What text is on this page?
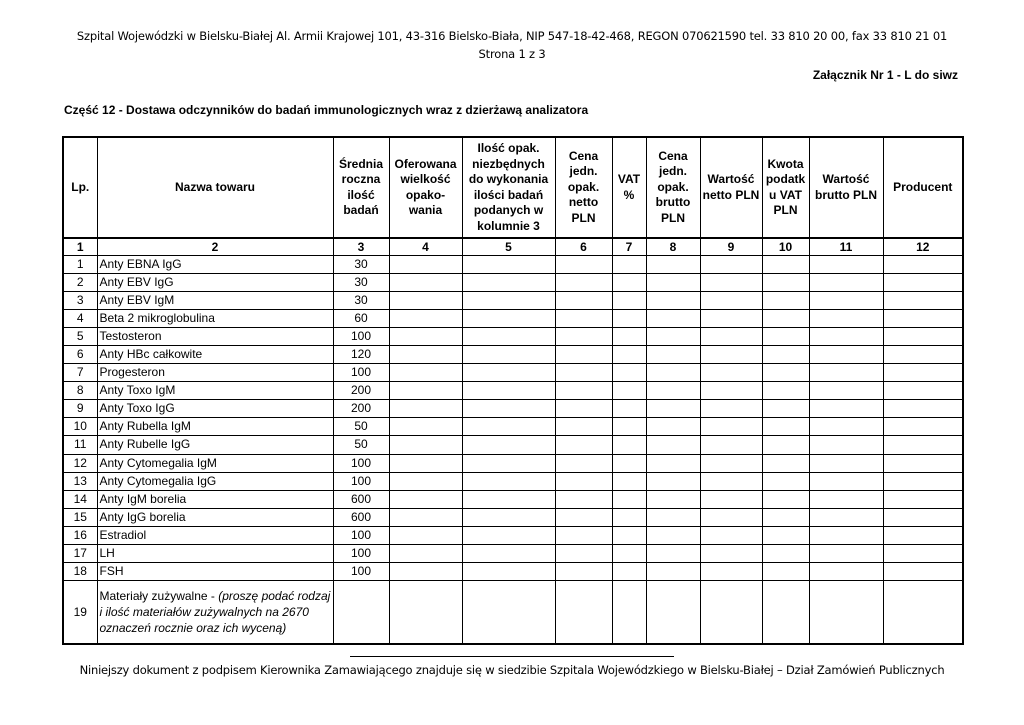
Szpital Wojewódzki w Bielsku-Białej Al. Armii Krajowej 101, 43-316 Bielsko-Biała, NIP 547-18-42-468, REGON 070621590 tel. 33 810 20 00, fax 33 810 21 01
Strona 1 z 3
Załącznik Nr 1 - L do siwz
Część 12 - Dostawa odczynników do badań immunologicznych wraz z dzierżawą analizatora
Lp.	Nazwa towaru	Średnia roczna ilość badań	Oferowana wielkość opako-wania	Ilość opak. niezbędnych do wykonania ilości badań podanych w kolumnie 3	Cena jedn. opak. netto PLN	VAT %	Cena jedn. opak. brutto PLN	Wartość netto PLN	Kwota podatk u VAT PLN	Wartość brutto PLN	Producent
1	2	3	4	5	6	7	8	9	10	11	12
1	Anty EBNA IgG	30									
2	Anty EBV IgG	30									
3	Anty EBV IgM	30									
4	Beta 2 mikroglobulina	60									
5	Testosteron	100									
6	Anty HBc całkowite	120									
7	Progesteron	100									
8	Anty Toxo IgM	200									
9	Anty Toxo IgG	200									
10	Anty Rubella IgM	50									
11	Anty Rubelle IgG	50									
12	Anty Cytomegalia IgM	100									
13	Anty Cytomegalia IgG	100									
14	Anty IgM borelia	600									
15	Anty IgG borelia	600									
16	Estradiol	100									
17	LH	100									
18	FSH	100									
19	Materiały zużywalne - (proszę podać rodzaj i ilość materiałów zużywalnych na 2670 oznaczeń rocznie oraz ich wyceną)										
Niniejszy dokument z podpisem Kierownika Zamawiającego znajduje się w siedzibie Szpitala Wojewódzkiego w Bielsku-Białej – Dział Zamówień Publicznych
